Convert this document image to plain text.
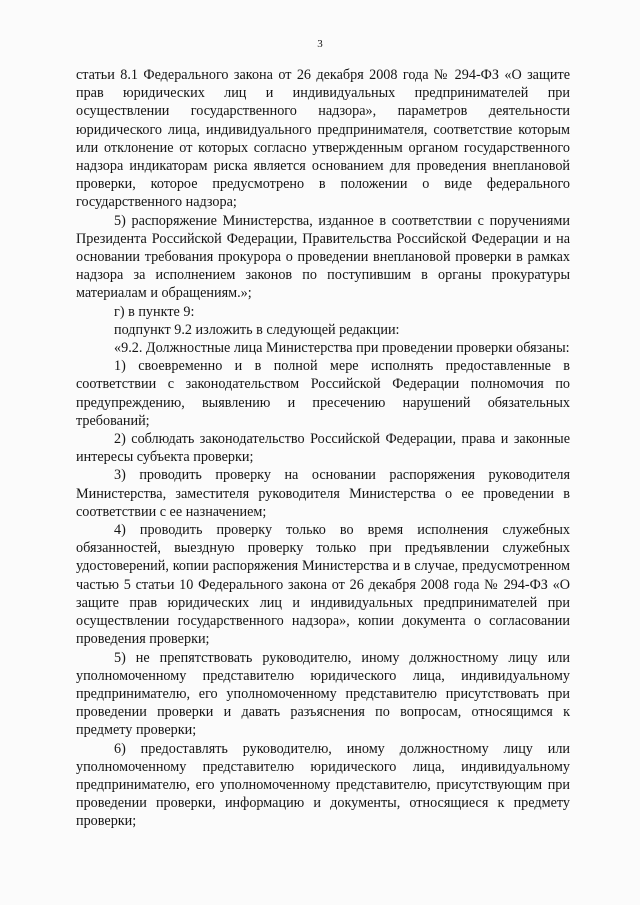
3

статьи 8.1 Федерального закона от 26 декабря 2008 года № 294-ФЗ «О защите прав юридических лиц и индивидуальных предпринимателей при осуществлении государственного надзора», параметров деятельности юридического лица, индивидуального предпринимателя, соответствие которым или отклонение от которых согласно утвержденным органом государственного надзора индикаторам риска является основанием для проведения внеплановой проверки, которое предусмотрено в положении о виде федерального государственного надзора;

5) распоряжение Министерства, изданное в соответствии с поручениями Президента Российской Федерации, Правительства Российской Федерации и на основании требования прокурора о проведении внеплановой проверки в рамках надзора за исполнением законов по поступившим в органы прокуратуры материалам и обращениям.»;

г) в пункте 9:

подпункт 9.2 изложить в следующей редакции:

«9.2. Должностные лица Министерства при проведении проверки обязаны:

1) своевременно и в полной мере исполнять предоставленные в соответствии с законодательством Российской Федерации полномочия по предупреждению, выявлению и пресечению нарушений обязательных требований;

2) соблюдать законодательство Российской Федерации, права и законные интересы субъекта проверки;

3) проводить проверку на основании распоряжения руководителя Министерства, заместителя руководителя Министерства о ее проведении в соответствии с ее назначением;

4) проводить проверку только во время исполнения служебных обязанностей, выездную проверку только при предъявлении служебных удостоверений, копии распоряжения Министерства и в случае, предусмотренном частью 5 статьи 10 Федерального закона от 26 декабря 2008 года № 294-ФЗ «О защите прав юридических лиц и индивидуальных предпринимателей при осуществлении государственного надзора», копии документа о согласовании проведения проверки;

5) не препятствовать руководителю, иному должностному лицу или уполномоченному представителю юридического лица, индивидуальному предпринимателю, его уполномоченному представителю присутствовать при проведении проверки и давать разъяснения по вопросам, относящимся к предмету проверки;

6) предоставлять руководителю, иному должностному лицу или уполномоченному представителю юридического лица, индивидуальному предпринимателю, его уполномоченному представителю, присутствующим при проведении проверки, информацию и документы, относящиеся к предмету проверки;
